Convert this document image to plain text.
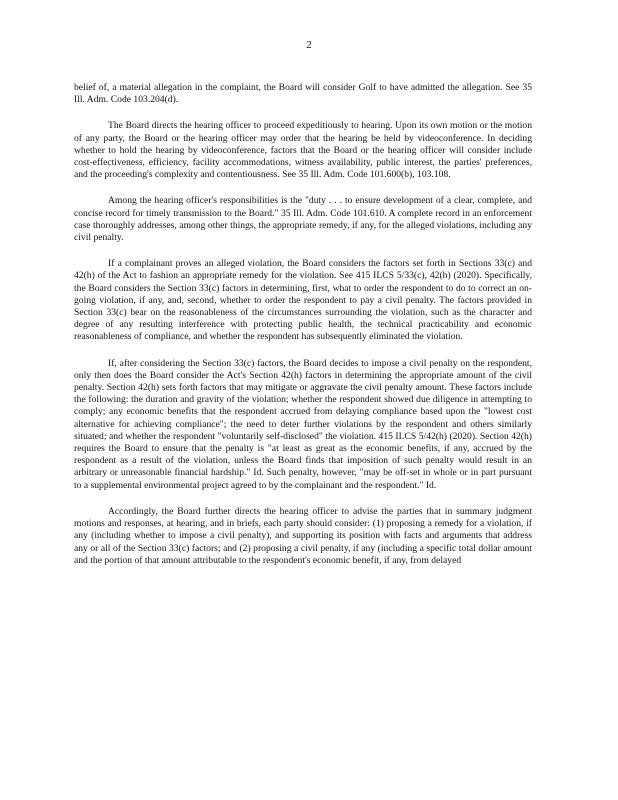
2

belief of, a material allegation in the complaint, the Board will consider Golf to have admitted the allegation. See 35 Ill. Adm. Code 103.204(d).

The Board directs the hearing officer to proceed expeditiously to hearing. Upon its own motion or the motion of any party, the Board or the hearing officer may order that the hearing be held by videoconference. In deciding whether to hold the hearing by videoconference, factors that the Board or the hearing officer will consider include cost-effectiveness, efficiency, facility accommodations, witness availability, public interest, the parties' preferences, and the proceeding's complexity and contentiousness. See 35 Ill. Adm. Code 101.600(b), 103.108.

Among the hearing officer's responsibilities is the "duty . . . to ensure development of a clear, complete, and concise record for timely transmission to the Board." 35 Ill. Adm. Code 101.610. A complete record in an enforcement case thoroughly addresses, among other things, the appropriate remedy, if any, for the alleged violations, including any civil penalty.

If a complainant proves an alleged violation, the Board considers the factors set forth in Sections 33(c) and 42(h) of the Act to fashion an appropriate remedy for the violation. See 415 ILCS 5/33(c), 42(h) (2020). Specifically, the Board considers the Section 33(c) factors in determining, first, what to order the respondent to do to correct an on-going violation, if any, and, second, whether to order the respondent to pay a civil penalty. The factors provided in Section 33(c) bear on the reasonableness of the circumstances surrounding the violation, such as the character and degree of any resulting interference with protecting public health, the technical practicability and economic reasonableness of compliance, and whether the respondent has subsequently eliminated the violation.

If, after considering the Section 33(c) factors, the Board decides to impose a civil penalty on the respondent, only then does the Board consider the Act's Section 42(h) factors in determining the appropriate amount of the civil penalty. Section 42(h) sets forth factors that may mitigate or aggravate the civil penalty amount. These factors include the following: the duration and gravity of the violation; whether the respondent showed due diligence in attempting to comply; any economic benefits that the respondent accrued from delaying compliance based upon the "lowest cost alternative for achieving compliance"; the need to deter further violations by the respondent and others similarly situated; and whether the respondent "voluntarily self-disclosed" the violation. 415 ILCS 5/42(h) (2020). Section 42(h) requires the Board to ensure that the penalty is "at least as great as the economic benefits, if any, accrued by the respondent as a result of the violation, unless the Board finds that imposition of such penalty would result in an arbitrary or unreasonable financial hardship." Id. Such penalty, however, "may be off-set in whole or in part pursuant to a supplemental environmental project agreed to by the complainant and the respondent." Id.

Accordingly, the Board further directs the hearing officer to advise the parties that in summary judgment motions and responses, at hearing, and in briefs, each party should consider: (1) proposing a remedy for a violation, if any (including whether to impose a civil penalty), and supporting its position with facts and arguments that address any or all of the Section 33(c) factors; and (2) proposing a civil penalty, if any (including a specific total dollar amount and the portion of that amount attributable to the respondent's economic benefit, if any, from delayed
